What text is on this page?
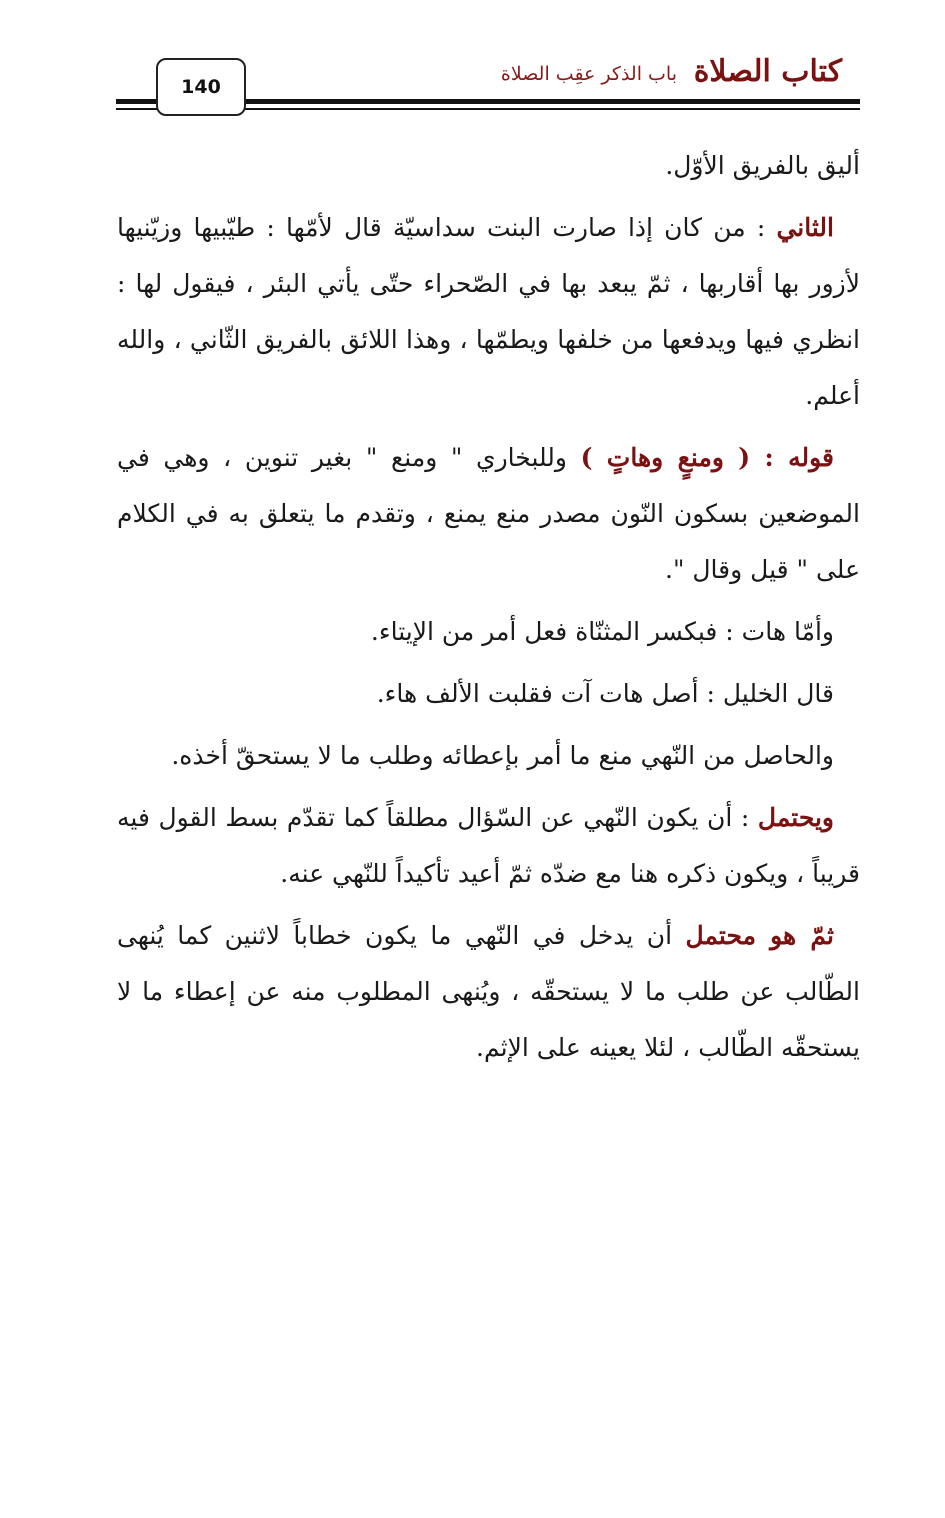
كتاب الصلاة
باب الذكر عقِب الصلاة
140

أليق بالفريق الأوّل.

الثاني : من كان إذا صارت البنت سداسيّة قال لأمّها : طيّبيها وزيّنيها لأزور بها أقاربها ، ثمّ يبعد بها في الصّحراء حتّى يأتي البئر ، فيقول لها : انظري فيها ويدفعها من خلفها ويطمّها ، وهذا اللائق بالفريق الثّاني ، والله أعلم.

قوله : ( ومنعٍ وهاتٍ ) وللبخاري " ومنع " بغير تنوين ، وهي في الموضعين بسكون النّون مصدر منع يمنع ، وتقدم ما يتعلق به في الكلام على " قيل وقال ".

وأمّا هات : فبكسر المثنّاة فعل أمر من الإيتاء.

قال الخليل : أصل هات آت فقلبت الألف هاء.

والحاصل من النّهي منع ما أمر بإعطائه وطلب ما لا يستحقّ أخذه.

ويحتمل : أن يكون النّهي عن السّؤال مطلقاً كما تقدّم بسط القول فيه قريباً ، ويكون ذكره هنا مع ضدّه ثمّ أعيد تأكيداً للنّهي عنه.

ثمّ هو محتمل أن يدخل في النّهي ما يكون خطاباً لاثنين كما يُنهى الطّالب عن طلب ما لا يستحقّه ، ويُنهى المطلوب منه عن إعطاء ما لا يستحقّه الطّالب ، لئلا يعينه على الإثم.
